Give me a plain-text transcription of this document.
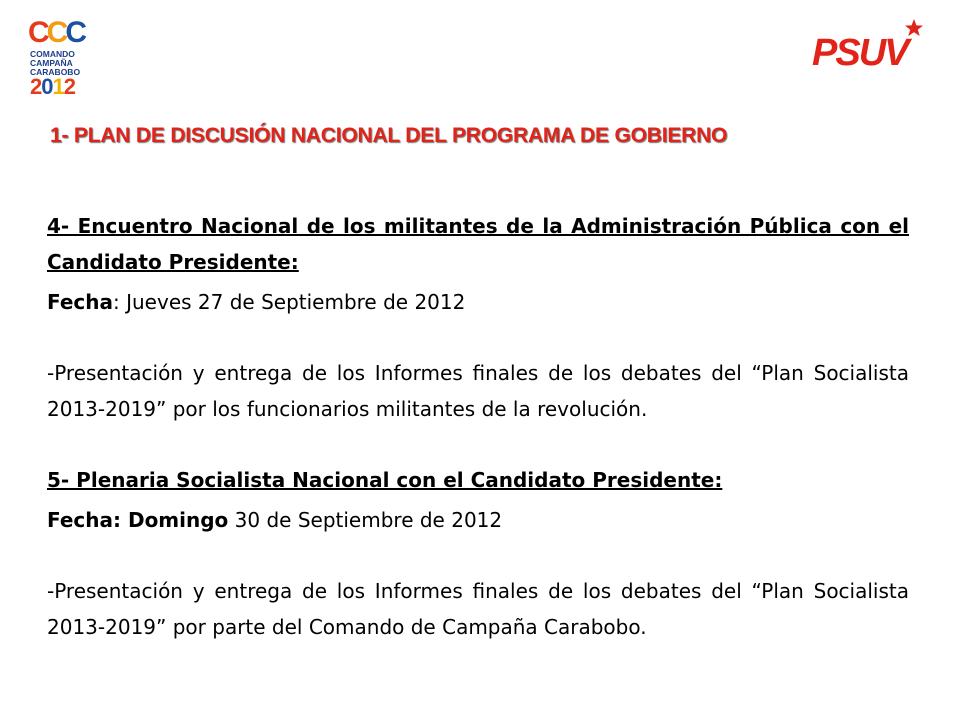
CCC
COMANDO
CAMPAÑA
CARABOBO
2012
PSUV
1- PLAN DE DISCUSIÓN NACIONAL DEL PROGRAMA DE GOBIERNO

4- Encuentro Nacional de los militantes de la Administración Pública con el Candidato Presidente:

Fecha: Jueves 27 de Septiembre de 2012

-Presentación y entrega de los Informes finales de los debates del “Plan Socialista 2013-2019” por los funcionarios militantes de la revolución.

5- Plenaria Socialista Nacional con el Candidato Presidente:

Fecha: Domingo 30 de Septiembre de 2012

-Presentación y entrega de los Informes finales de los debates del “Plan Socialista 2013-2019” por parte del Comando de Campaña Carabobo.
